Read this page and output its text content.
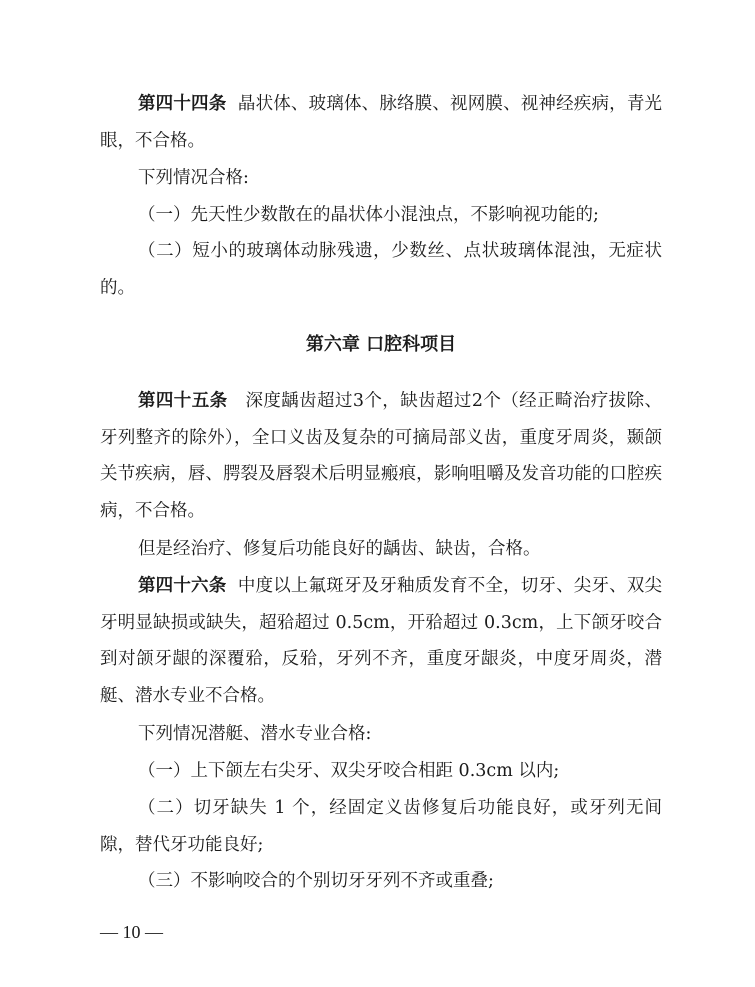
第四十四条 晶状体、玻璃体、脉络膜、视网膜、视神经疾病，青光眼，不合格。

下列情况合格:

（一）先天性少数散在的晶状体小混浊点，不影响视功能的;

（二）短小的玻璃体动脉残遗，少数丝、点状玻璃体混浊，无症状的。

第六章 口腔科项目

第四十五条 深度龋齿超过3个，缺齿超过2个（经正畸治疗拔除、牙列整齐的除外），全口义齿及复杂的可摘局部义齿，重度牙周炎，颞颌关节疾病，唇、腭裂及唇裂术后明显瘢痕，影响咀嚼及发音功能的口腔疾病，不合格。

但是经治疗、修复后功能良好的龋齿、缺齿，合格。

第四十六条 中度以上氟斑牙及牙釉质发育不全，切牙、尖牙、双尖牙明显缺损或缺失，超𬌗超过 0.5cm，开𬌗超过 0.3cm，上下颌牙咬合到对颌牙龈的深覆𬌗，反𬌗，牙列不齐，重度牙龈炎，中度牙周炎，潜艇、潜水专业不合格。

下列情况潜艇、潜水专业合格:

（一）上下颌左右尖牙、双尖牙咬合相距 0.3cm 以内;

（二）切牙缺失 1 个，经固定义齿修复后功能良好，或牙列无间隙，替代牙功能良好;

（三）不影响咬合的个别切牙牙列不齐或重叠;

— 10 —
